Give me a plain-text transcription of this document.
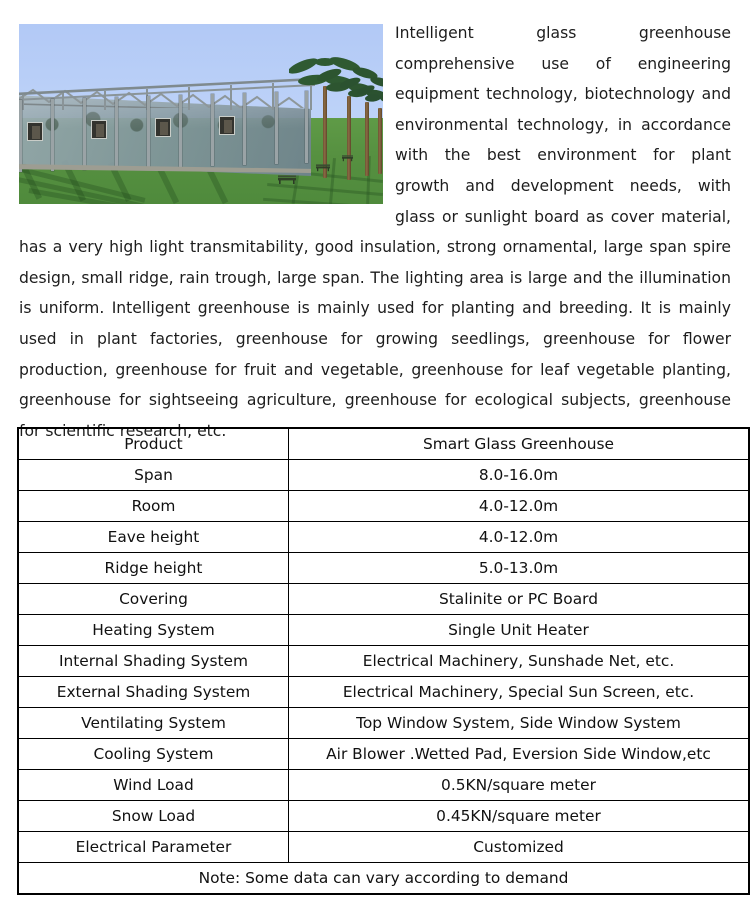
Intelligent glass greenhouse comprehensive use of engineering equipment technology, biotechnology and environmental technology, in accordance with the best environment for plant growth and development needs, with glass or sunlight board as cover material, has a very high light transmitability, good insulation, strong ornamental, large span spire design, small ridge, rain trough, large span. The lighting area is large and the illumination is uniform. Intelligent greenhouse is mainly used for planting and breeding. It is mainly used in plant factories, greenhouse for growing seedlings, greenhouse for flower production, greenhouse for fruit and vegetable, greenhouse for leaf vegetable planting, greenhouse for sightseeing agriculture, greenhouse for ecological subjects, greenhouse for scientific research, etc.

Product	Smart Glass Greenhouse
Span	8.0-16.0m
Room	4.0-12.0m
Eave height	4.0-12.0m
Ridge height	5.0-13.0m
Covering	Stalinite or PC Board
Heating System	Single Unit Heater
Internal Shading System	Electrical Machinery, Sunshade Net, etc.
External Shading System	Electrical Machinery, Special Sun Screen, etc.
Ventilating System	Top Window System, Side Window System
Cooling System	Air Blower .Wetted Pad, Eversion Side Window,etc
Wind Load	0.5KN/square meter
Snow Load	0.45KN/square meter
Electrical Parameter	Customized
Note: Some data can vary according to demand	
